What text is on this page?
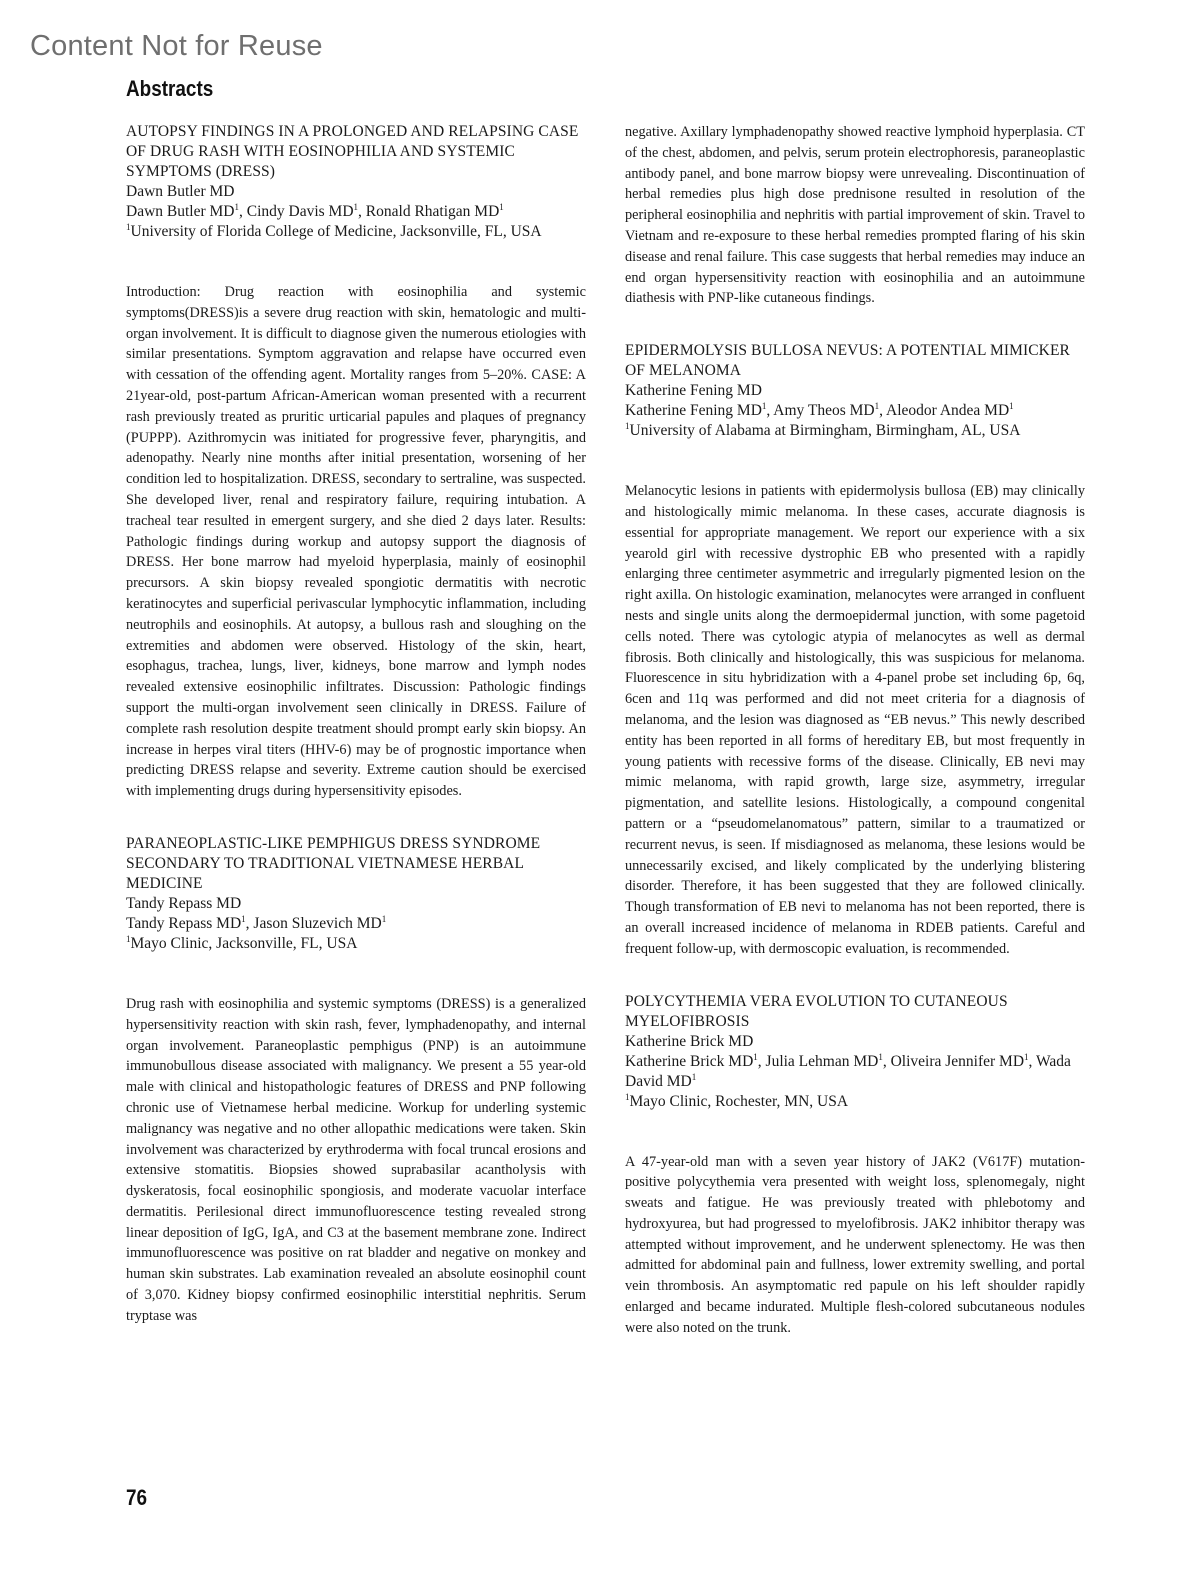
Content Not for Reuse
Abstracts
AUTOPSY FINDINGS IN A PROLONGED AND RELAPSING CASE OF DRUG RASH WITH EOSINOPHILIA AND SYSTEMIC SYMPTOMS (DRESS)

Dawn Butler MD

Dawn Butler $MD^1$, Cindy Davis $MD^1$, Ronald Rhatigan $MD^1$

$^1$University of Florida College of Medicine, Jacksonville, FL, USA

Introduction: Drug reaction with eosinophilia and systemic symptoms(DRESS)is a severe drug reaction with skin, hematologic and multi-organ involvement. It is difficult to diagnose given the numerous etiologies with similar presentations. Symptom aggravation and relapse have occurred even with cessation of the offending agent. Mortality ranges from 5–20%. CASE: A 21year-old, post-partum African-American woman presented with a recurrent rash previously treated as pruritic urticarial papules and plaques of pregnancy (PUPPP). Azithromycin was initiated for progressive fever, pharyngitis, and adenopathy. Nearly nine months after initial presentation, worsening of her condition led to hospitalization. DRESS, secondary to sertraline, was suspected. She developed liver, renal and respiratory failure, requiring intubation. A tracheal tear resulted in emergent surgery, and she died 2 days later. Results: Pathologic findings during workup and autopsy support the diagnosis of DRESS. Her bone marrow had myeloid hyperplasia, mainly of eosinophil precursors. A skin biopsy revealed spongiotic dermatitis with necrotic keratinocytes and superficial perivascular lymphocytic inflammation, including neutrophils and eosinophils. At autopsy, a bullous rash and sloughing on the extremities and abdomen were observed. Histology of the skin, heart, esophagus, trachea, lungs, liver, kidneys, bone marrow and lymph nodes revealed extensive eosinophilic infiltrates. Discussion: Pathologic findings support the multi-organ involvement seen clinically in DRESS. Failure of complete rash resolution despite treatment should prompt early skin biopsy. An increase in herpes viral titers (HHV-6) may be of prognostic importance when predicting DRESS relapse and severity. Extreme caution should be exercised with implementing drugs during hypersensitivity episodes.

PARANEOPLASTIC-LIKE PEMPHIGUS DRESS SYNDROME SECONDARY TO TRADITIONAL VIETNAMESE HERBAL MEDICINE

Tandy Repass MD

Tandy Repass $MD^1$, Jason Sluzevich $MD^1$

$^1$Mayo Clinic, Jacksonville, FL, USA

Drug rash with eosinophilia and systemic symptoms (DRESS) is a generalized hypersensitivity reaction with skin rash, fever, lymphadenopathy, and internal organ involvement. Paraneoplastic pemphigus (PNP) is an autoimmune immunobullous disease associated with malignancy. We present a 55 year-old male with clinical and histopathologic features of DRESS and PNP following chronic use of Vietnamese herbal medicine. Workup for underling systemic malignancy was negative and no other allopathic medications were taken. Skin involvement was characterized by erythroderma with focal truncal erosions and extensive stomatitis. Biopsies showed suprabasilar acantholysis with dyskeratosis, focal eosinophilic spongiosis, and moderate vacuolar interface dermatitis. Perilesional direct immunofluorescence testing revealed strong linear deposition of IgG, IgA, and C3 at the basement membrane zone. Indirect immunofluorescence was positive on rat bladder and negative on monkey and human skin substrates. Lab examination revealed an absolute eosinophil count of 3,070. Kidney biopsy confirmed eosinophilic interstitial nephritis. Serum tryptase was

negative. Axillary lymphadenopathy showed reactive lymphoid hyperplasia. CT of the chest, abdomen, and pelvis, serum protein electrophoresis, paraneoplastic antibody panel, and bone marrow biopsy were unrevealing. Discontinuation of herbal remedies plus high dose prednisone resulted in resolution of the peripheral eosinophilia and nephritis with partial improvement of skin. Travel to Vietnam and re-exposure to these herbal remedies prompted flaring of his skin disease and renal failure. This case suggests that herbal remedies may induce an end organ hypersensitivity reaction with eosinophilia and an autoimmune diathesis with PNP-like cutaneous findings.

EPIDERMOLYSIS BULLOSA NEVUS: A POTENTIAL MIMICKER OF MELANOMA

Katherine Fening MD

Katherine Fening $MD^1$, Amy Theos $MD^1$, Aleodor Andea $MD^1$

$^1$University of Alabama at Birmingham, Birmingham, AL, USA

Melanocytic lesions in patients with epidermolysis bullosa (EB) may clinically and histologically mimic melanoma. In these cases, accurate diagnosis is essential for appropriate management. We report our experience with a six yearold girl with recessive dystrophic EB who presented with a rapidly enlarging three centimeter asymmetric and irregularly pigmented lesion on the right axilla. On histologic examination, melanocytes were arranged in confluent nests and single units along the dermoepidermal junction, with some pagetoid cells noted. There was cytologic atypia of melanocytes as well as dermal fibrosis. Both clinically and histologically, this was suspicious for melanoma. Fluorescence in situ hybridization with a 4-panel probe set including 6p, 6q, 6cen and 11q was performed and did not meet criteria for a diagnosis of melanoma, and the lesion was diagnosed as “EB nevus.” This newly described entity has been reported in all forms of hereditary EB, but most frequently in young patients with recessive forms of the disease. Clinically, EB nevi may mimic melanoma, with rapid growth, large size, asymmetry, irregular pigmentation, and satellite lesions. Histologically, a compound congenital pattern or a “pseudomelanomatous” pattern, similar to a traumatized or recurrent nevus, is seen. If misdiagnosed as melanoma, these lesions would be unnecessarily excised, and likely complicated by the underlying blistering disorder. Therefore, it has been suggested that they are followed clinically. Though transformation of EB nevi to melanoma has not been reported, there is an overall increased incidence of melanoma in RDEB patients. Careful and frequent follow-up, with dermoscopic evaluation, is recommended.

POLYCYTHEMIA VERA EVOLUTION TO CUTANEOUS MYELOFIBROSIS

Katherine Brick MD

Katherine Brick $MD^1$, Julia Lehman $MD^1$, Oliveira Jennifer $MD^1$, Wada David $MD^1$

$^1$Mayo Clinic, Rochester, MN, USA

A 47-year-old man with a seven year history of JAK2 (V617F) mutation-positive polycythemia vera presented with weight loss, splenomegaly, night sweats and fatigue. He was previously treated with phlebotomy and hydroxyurea, but had progressed to myelofibrosis. JAK2 inhibitor therapy was attempted without improvement, and he underwent splenectomy. He was then admitted for abdominal pain and fullness, lower extremity swelling, and portal vein thrombosis. An asymptomatic red papule on his left shoulder rapidly enlarged and became indurated. Multiple flesh-colored subcutaneous nodules were also noted on the trunk.

76
